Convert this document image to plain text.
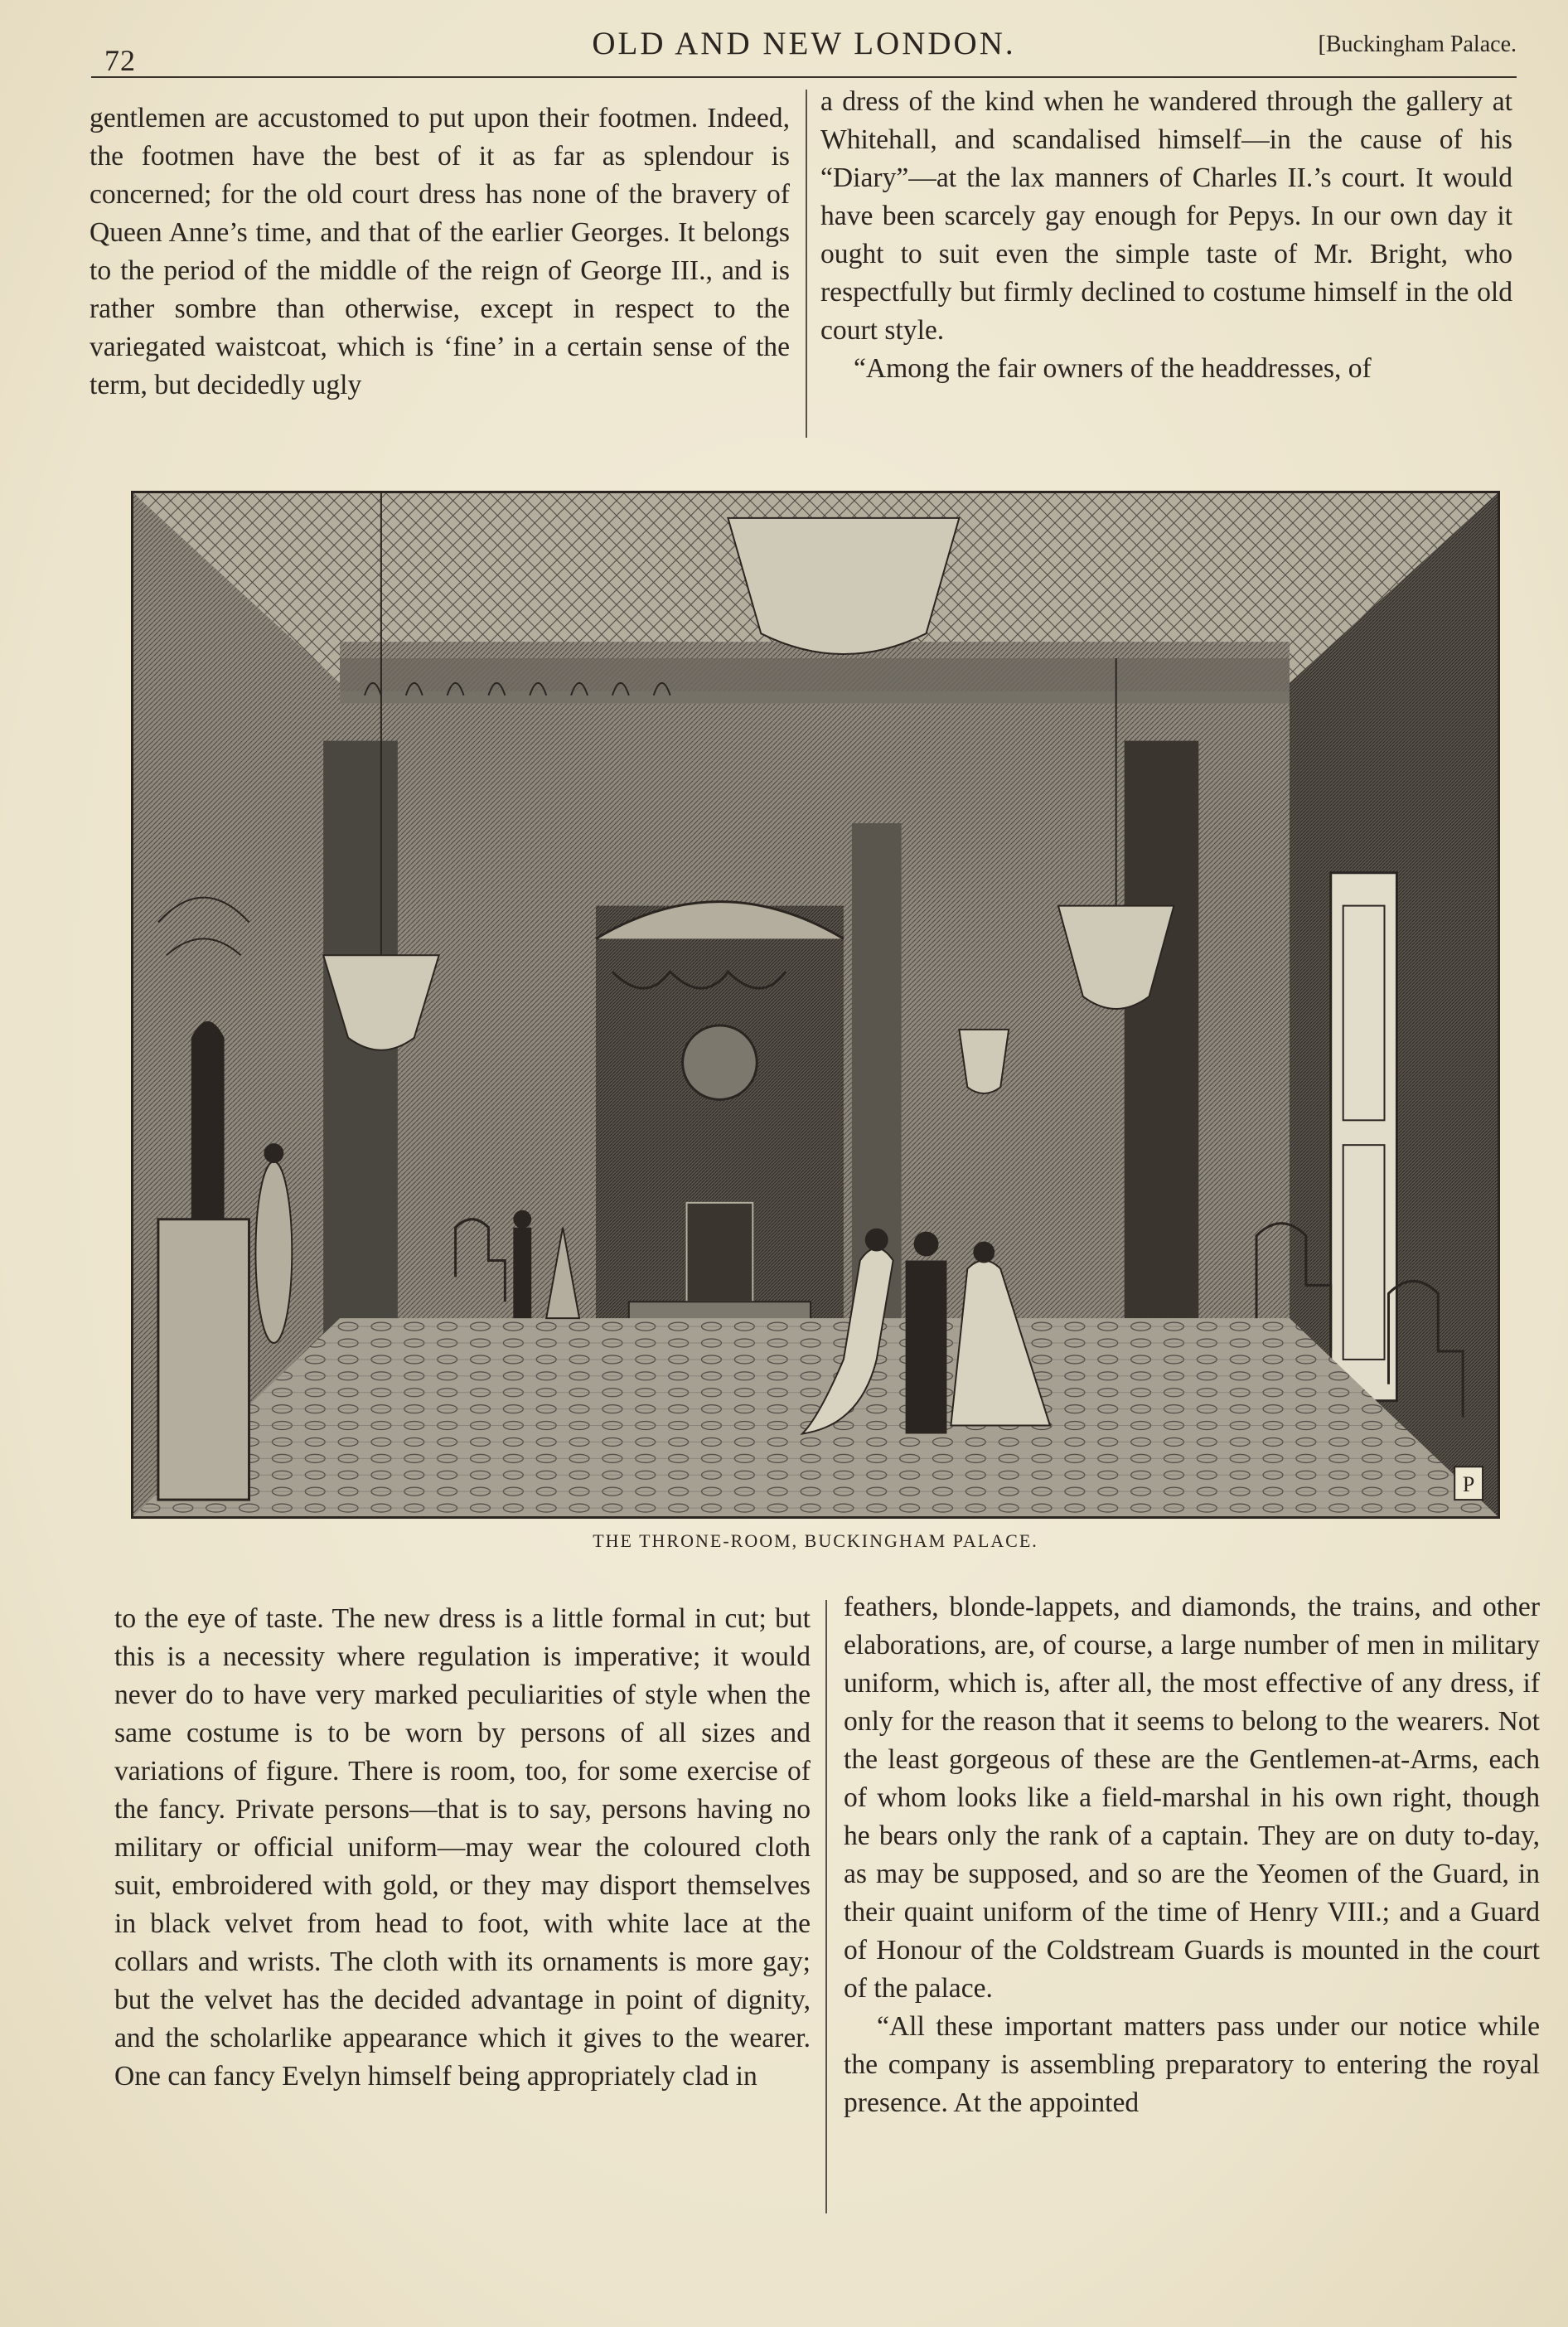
72	OLD AND NEW LONDON.	[Buckingham Palace.

gentlemen are accustomed to put upon their footmen. Indeed, the footmen have the best of it as far as splendour is concerned; for the old court dress has none of the bravery of Queen Anne’s time, and that of the earlier Georges. It belongs to the period of the middle of the reign of George III., and is rather sombre than otherwise, except in respect to the variegated waistcoat, which is ‘fine’ in a certain sense of the term, but decidedly ugly

a dress of the kind when he wandered through the gallery at Whitehall, and scandalised himself—in the cause of his “Diary”—at the lax manners of Charles II.’s court. It would have been scarcely gay enough for Pepys. In our own day it ought to suit even the simple taste of Mr. Bright, who respectfully but firmly declined to costume himself in the old court style.

“Among the fair owners of the headdresses, of

P
THE THRONE-ROOM, BUCKINGHAM PALACE.

to the eye of taste. The new dress is a little formal in cut; but this is a necessity where regulation is imperative; it would never do to have very marked peculiarities of style when the same costume is to be worn by persons of all sizes and variations of figure. There is room, too, for some exercise of the fancy. Private persons—that is to say, persons having no military or official uniform—may wear the coloured cloth suit, embroidered with gold, or they may disport themselves in black velvet from head to foot, with white lace at the collars and wrists. The cloth with its ornaments is more gay; but the velvet has the decided advantage in point of dignity, and the scholarlike appearance which it gives to the wearer. One can fancy Evelyn himself being appropriately clad in

feathers, blonde-lappets, and diamonds, the trains, and other elaborations, are, of course, a large number of men in military uniform, which is, after all, the most effective of any dress, if only for the reason that it seems to belong to the wearers. Not the least gorgeous of these are the Gentlemen-at-Arms, each of whom looks like a field-marshal in his own right, though he bears only the rank of a captain. They are on duty to-day, as may be supposed, and so are the Yeomen of the Guard, in their quaint uniform of the time of Henry VIII.; and a Guard of Honour of the Coldstream Guards is mounted in the court of the palace.

“All these important matters pass under our notice while the company is assembling preparatory to entering the royal presence. At the appointed
